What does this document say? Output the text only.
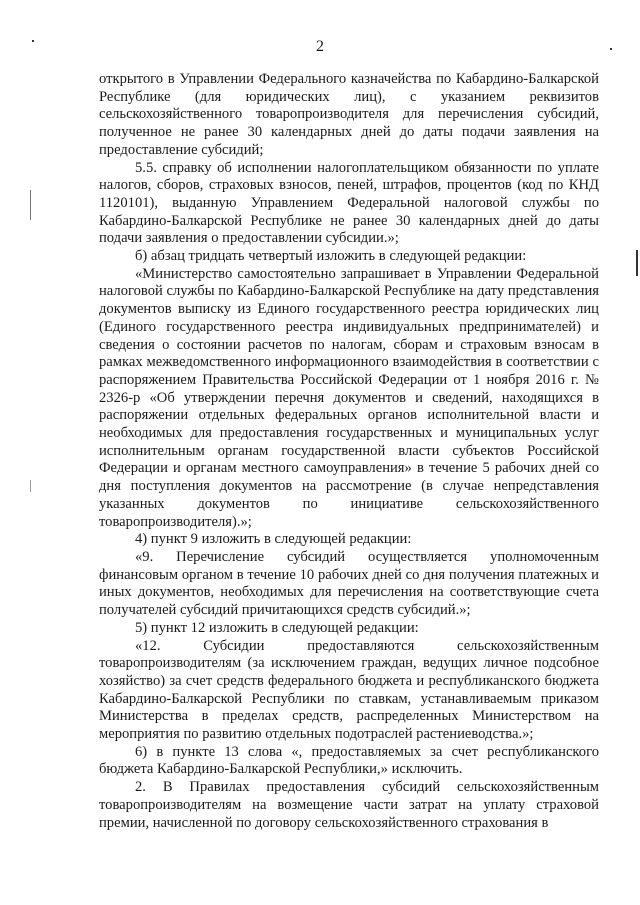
2

открытого в Управлении Федерального казначейства по Кабардино-Балкарской Республике (для юридических лиц), с указанием реквизитов сельскохозяйственного товаропроизводителя для перечисления субсидий, полученное не ранее 30 календарных дней до даты подачи заявления на предоставление субсидий;

5.5. справку об исполнении налогоплательщиком обязанности по уплате налогов, сборов, страховых взносов, пеней, штрафов, процентов (код по КНД 1120101), выданную Управлением Федеральной налоговой службы по Кабардино-Балкарской Республике не ранее 30 календарных дней до даты подачи заявления о предоставлении субсидии.»;

б) абзац тридцать четвертый изложить в следующей редакции:

«Министерство самостоятельно запрашивает в Управлении Федеральной налоговой службы по Кабардино-Балкарской Республике на дату представления документов выписку из Единого государственного реестра юридических лиц (Единого государственного реестра индивидуальных предпринимателей) и сведения о состоянии расчетов по налогам, сборам и страховым взносам в рамках межведомственного информационного взаимодействия в соответствии с распоряжением Правительства Российской Федерации от 1 ноября 2016 г. № 2326-р «Об утверждении перечня документов и сведений, находящихся в распоряжении отдельных федеральных органов исполнительной власти и необходимых для предоставления государственных и муниципальных услуг исполнительным органам государственной власти субъектов Российской Федерации и органам местного самоуправления» в течение 5 рабочих дней со дня поступления документов на рассмотрение (в случае непредставления указанных документов по инициативе сельскохозяйственного товаропроизводителя).»;

4) пункт 9 изложить в следующей редакции:

«9. Перечисление субсидий осуществляется уполномоченным финансовым органом в течение 10 рабочих дней со дня получения платежных и иных документов, необходимых для перечисления на соответствующие счета получателей субсидий причитающихся средств субсидий.»;

5) пункт 12 изложить в следующей редакции:

«12. Субсидии предоставляются сельскохозяйственным товаропроизводителям (за исключением граждан, ведущих личное подсобное хозяйство) за счет средств федерального бюджета и республиканского бюджета Кабардино-Балкарской Республики по ставкам, устанавливаемым приказом Министерства в пределах средств, распределенных Министерством на мероприятия по развитию отдельных подотраслей растениеводства.»;

6) в пункте 13 слова «, предоставляемых за счет республиканского бюджета Кабардино-Балкарской Республики,» исключить.

2. В Правилах предоставления субсидий сельскохозяйственным товаропроизводителям на возмещение части затрат на уплату страховой премии, начисленной по договору сельскохозяйственного страхования в
